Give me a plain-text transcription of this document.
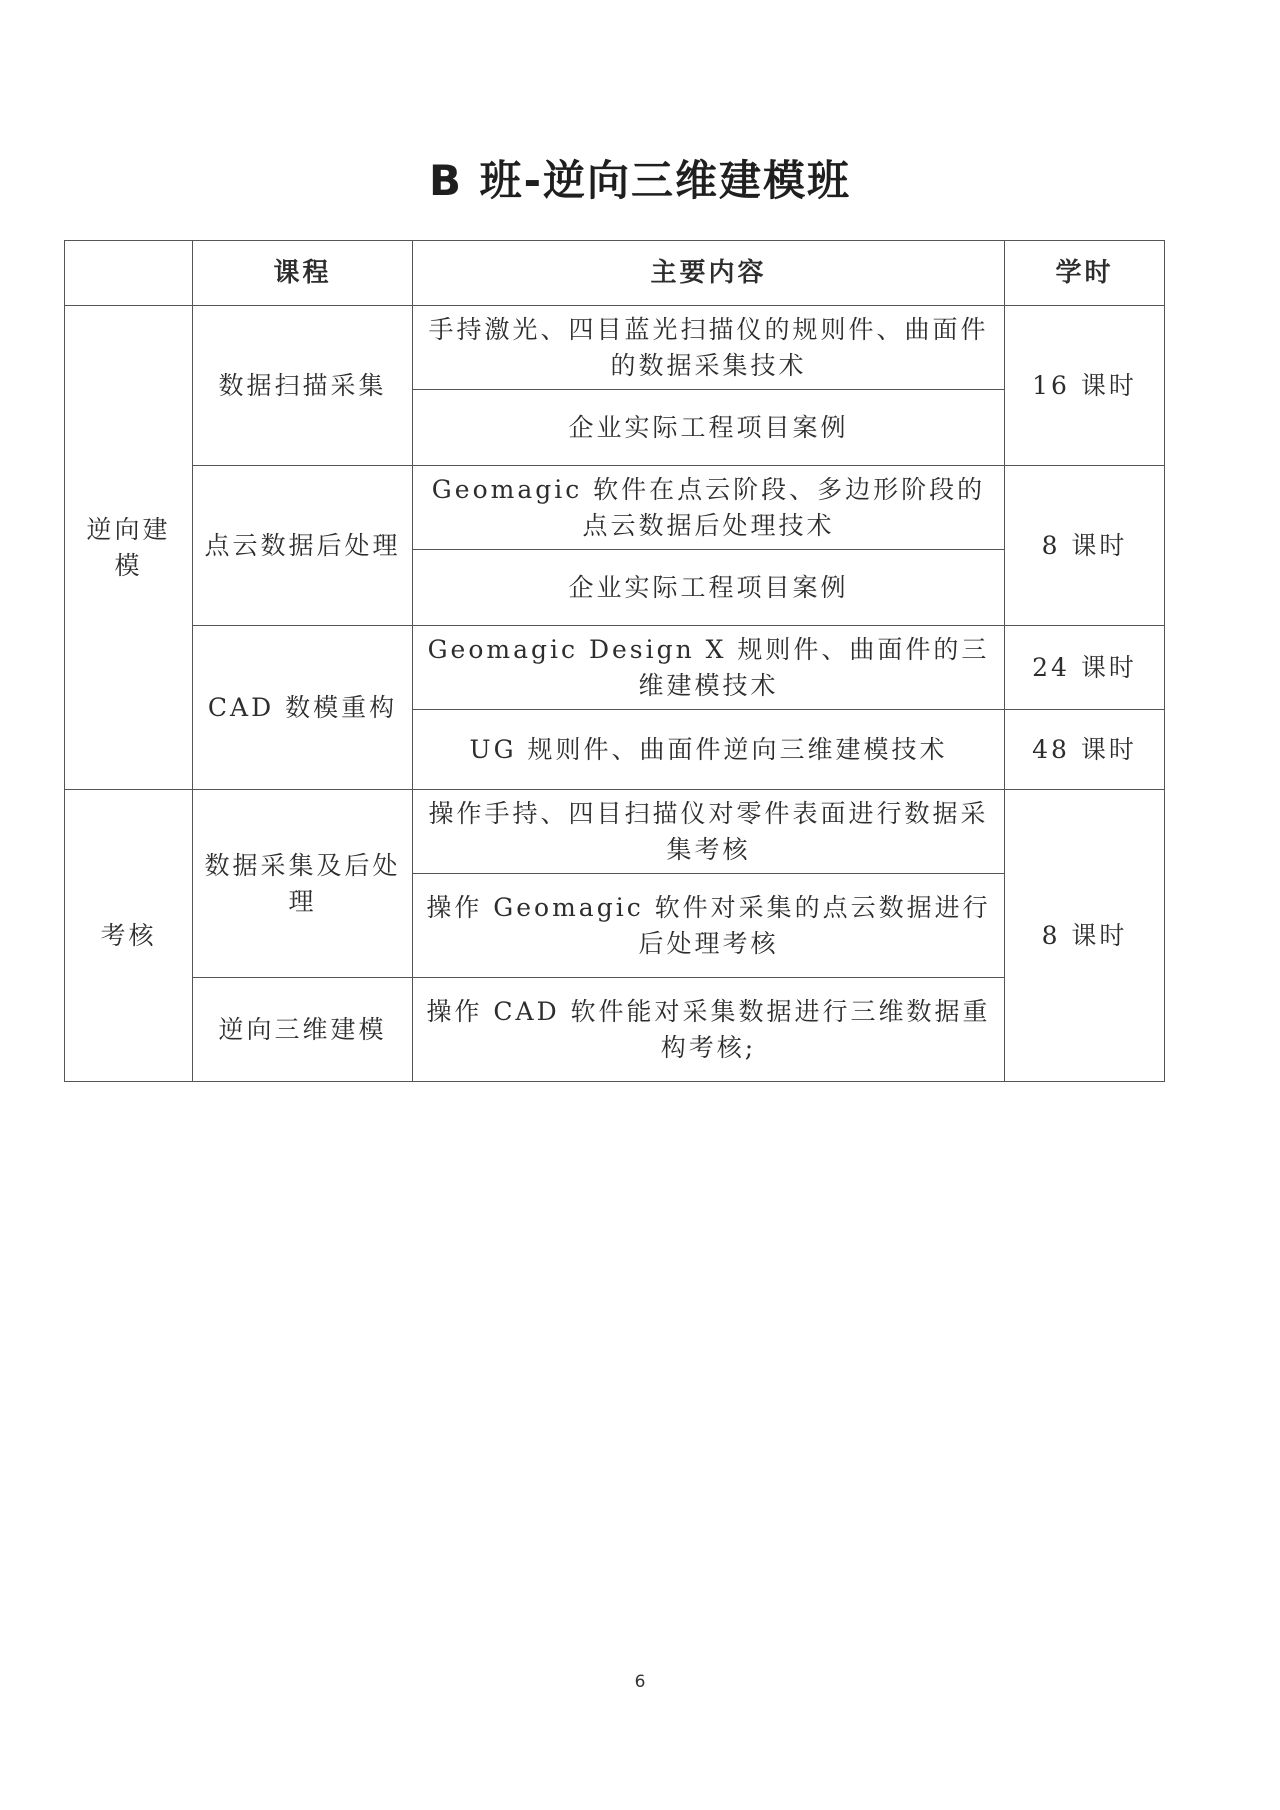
B 班-逆向三维建模班
	课程	主要内容	学时
逆向建模	数据扫描采集	手持激光、四目蓝光扫描仪的规则件、曲面件的数据采集技术	16 课时
		企业实际工程项目案例	
	点云数据后处理	Geomagic 软件在点云阶段、多边形阶段的点云数据后处理技术	8 课时
		企业实际工程项目案例	
	CAD 数模重构	Geomagic Design X 规则件、曲面件的三维建模技术	24 课时
		UG 规则件、曲面件逆向三维建模技术	48 课时
考核	数据采集及后处理	操作手持、四目扫描仪对零件表面进行数据采集考核	8 课时
		操作 Geomagic 软件对采集的点云数据进行后处理考核	
	逆向三维建模	操作 CAD 软件能对采集数据进行三维数据重构考核;	
6
